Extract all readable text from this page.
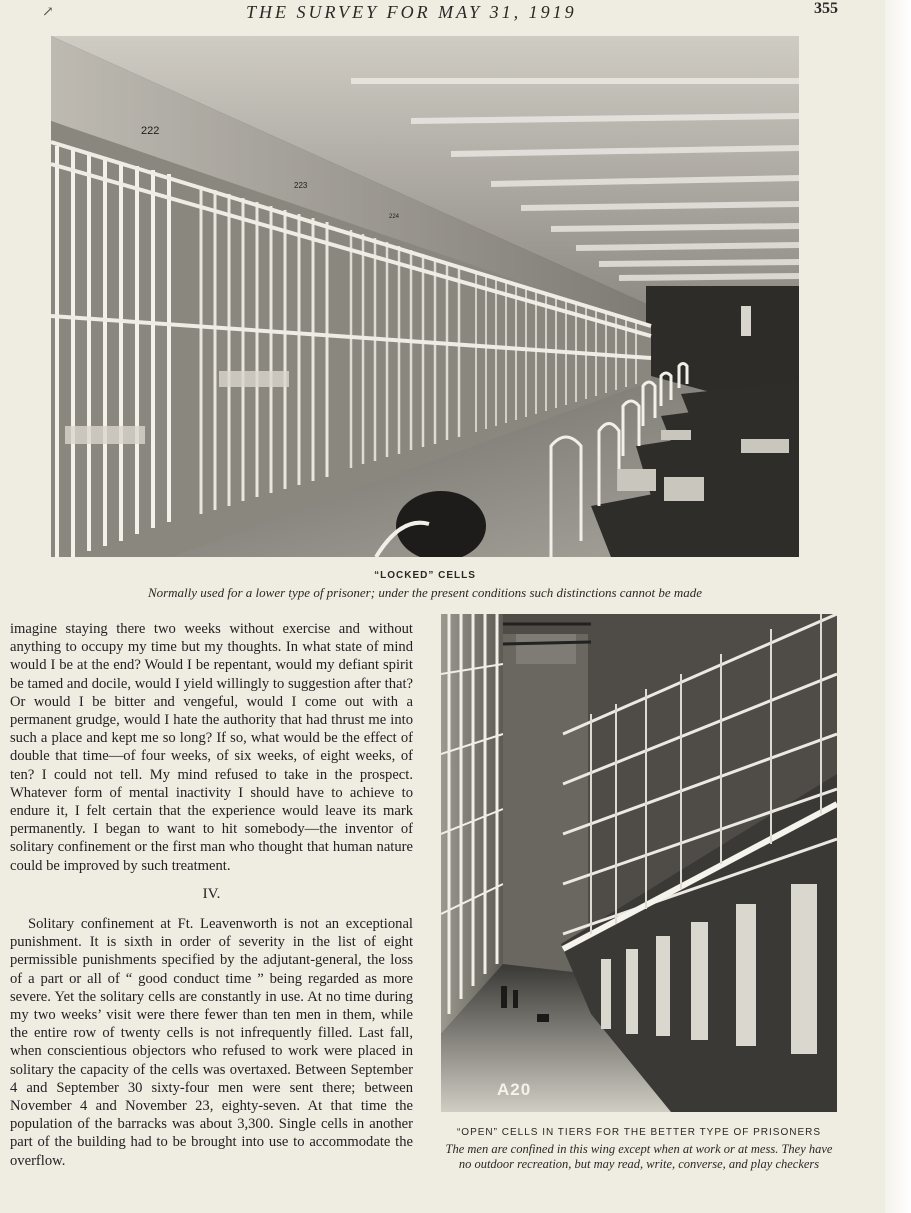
↗	THE SURVEY FOR MAY 31, 1919	355
222
223
224
“LOCKED” CELLS
Normally used for a lower type of prisoner; under the present conditions such distinctions cannot be made

imagine staying there two weeks without exercise and without anything to occupy my time but my thoughts. In what state of mind would I be at the end? Would I be repentant, would my defiant spirit be tamed and docile, would I yield willingly to suggestion after that? Or would I be bitter and vengeful, would I come out with a permanent grudge, would I hate the authority that had thrust me into such a place and kept me so long? If so, what would be the effect of double that time—of four weeks, of six weeks, of eight weeks, of ten? I could not tell. My mind refused to take in the prospect. Whatever form of mental inactivity I should have to achieve to endure it, I felt certain that the experience would leave its mark permanently. I began to want to hit somebody—the inventor of solitary confinement or the first man who thought that human nature could be improved by such treatment.

IV.

Solitary confinement at Ft. Leavenworth is not an exceptional punishment. It is sixth in order of severity in the list of eight permissible punishments specified by the adjutant-general, the loss of a part or all of “ good conduct time ” being regarded as more severe. Yet the solitary cells are constantly in use. At no time during my two weeks’ visit were there fewer than ten men in them, while the entire row of twenty cells is not infrequently filled. Last fall, when conscientious objectors who refused to work were placed in solitary the capacity of the cells was overtaxed. Between September 4 and September 30 sixty-four men were sent there; between November 4 and November 23, eighty-seven. At that time the population of the barracks was about 3,300. Single cells in another part of the building had to be brought into use to accommodate the overflow.

A20
“OPEN” CELLS IN TIERS FOR THE BETTER TYPE OF PRISONERS
The men are confined in this wing except when at work or at mess. They have no outdoor recreation, but may read, write, converse, and play checkers
